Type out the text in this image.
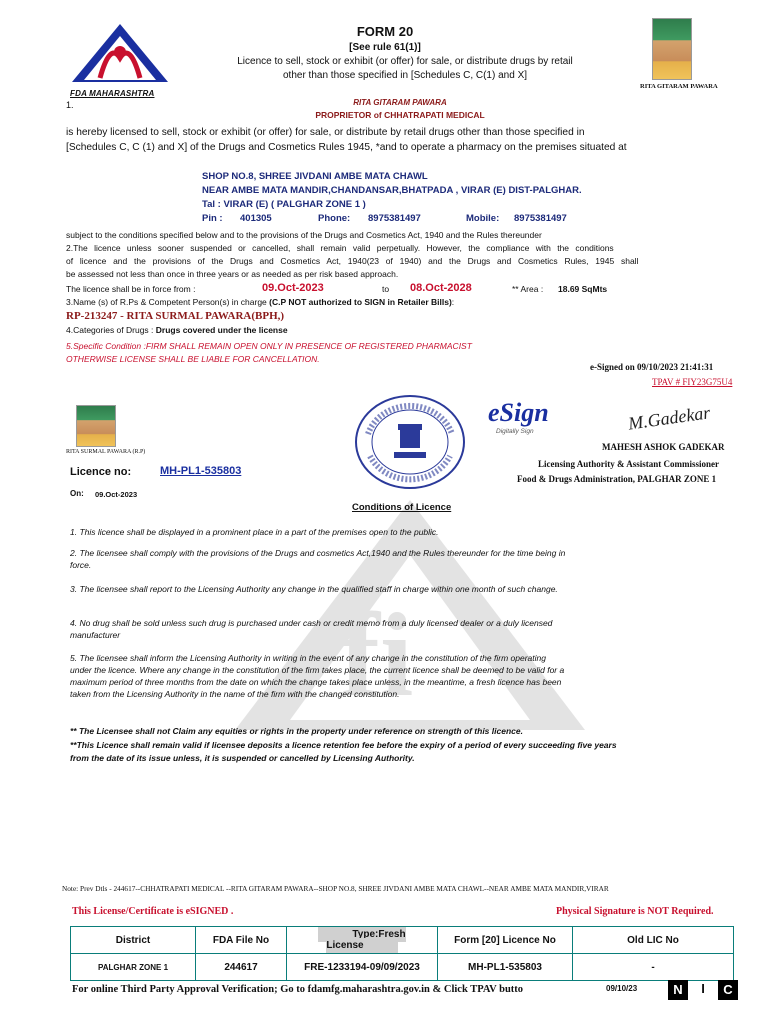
fi
FDA MAHARASHTRA
FORM 20
[See rule 61(1)]
Licence to sell, stock or exhibit (or offer) for sale, or distribute drugs by retail
other than those specified in [Schedules C, C(1) and X]
RITA GITARAM PAWARA
1.	RITA GITARAM PAWARA
PROPRIETOR of CHHATRAPATI MEDICAL
is hereby licensed to sell, stock or exhibit (or offer) for sale, or distribute by retail drugs other than those specified in
[Schedules C, C (1) and X] of the Drugs and Cosmetics Rules 1945, *and to operate a pharmacy on the premises situated at
SHOP NO.8, SHREE JIVDANI AMBE MATA CHAWL
NEAR AMBE MATA MANDIR,CHANDANSAR,BHATPADA , VIRAR (E) DIST-PALGHAR.
Tal : VIRAR (E) ( PALGHAR ZONE 1 )
Pin : 401305	Phone: 8975381497	Mobile: 8975381497
subject to the conditions specified below and to the provisions of the Drugs and Cosmetics Act, 1940 and the Rules thereunder
2.The licence unless sooner suspended or cancelled, shall remain valid perpetually. However, the compliance with the conditions
of licence and the provisions of the Drugs and Cosmetics Act, 1940(23 of 1940) and the Drugs and Cosmetics Rules, 1945 shall
be assessed not less than once in three years or as needed as per risk based approach.
The licence shall be in force from :	09.Oct-2023	to 08.Oct-2028	** Area : 18.69 SqMts
3.Name (s) of R.Ps & Competent Person(s) in charge (C.P NOT authorized to SIGN in Retailer Bills):
RP-213247 - RITA SURMAL PAWARA(BPH,)
4.Categories of Drugs : Drugs covered under the license
5.Specific Condition :FIRM SHALL REMAIN OPEN ONLY IN PRESENCE OF REGISTERED PHARMACIST
OTHERWISE LICENSE SHALL BE LIABLE FOR CANCELLATION.
e-Signed on 09/10/2023 21:41:31
TPAV # FIY23G75U4
RITA SURMAL PAWARA (R.P)
eSign
Digitally Sign	M.Gadekar
MAHESH ASHOK GADEKAR
Licensing Authority & Assistant Commissioner
Food & Drugs Administration, PALGHAR ZONE 1
Licence no:	MH-PL1-535803
On: 09.Oct-2023
Conditions of Licence
1. This licence shall be displayed in a prominent place in a part of the premises open to the public.
2. The licensee shall comply with the provisions of the Drugs and cosmetics Act,1940 and the Rules thereunder for the time being in force.
3. The licensee shall report to the Licensing Authority any change in the qualified staff in charge within one month of such change.
4. No drug shall be sold unless such drug is purchased under cash or credit memo from a duly licensed dealer or a duly licensed manufacturer
5. The licensee shall inform the Licensing Authority in writing in the event of any change in the constitution of the firm operating under the licence. Where any change in the constitution of the firm takes place, the current licence shall be deemed to be valid for a maximum period of three months from the date on which the change takes place unless, in the meantime, a fresh licence has been taken from the Licensing Authority in the name of the firm with the changed constitution.
** The Licensee shall not Claim any equities or rights in the property under reference on strength of this licence.
**This Licence shall remain valid if licensee deposits a licence retention fee before the expiry of a period of every succeeding five years from the date of its issue unless, it is suspended or cancelled by Licensing Authority.
Note: Prev Dtls - 244617--CHHATRAPATI MEDICAL --RITA GITARAM PAWARA--SHOP NO.8, SHREE JIVDANI AMBE MATA CHAWL--NEAR AMBE MATA MANDIR,VIRAR
This License/Certificate is eSIGNED .	Physical Signature is NOT Required.
District	FDA File No	Type:Fresh License	Form [20] Licence No	Old LIC No
PALGHAR ZONE 1	244617	FRE-1233194-09/09/2023	MH-PL1-535803	-
For online Third Party Approval Verification; Go to fdamfg.maharashtra.gov.in & Click TPAV butto	09/10/23	N	I	C
